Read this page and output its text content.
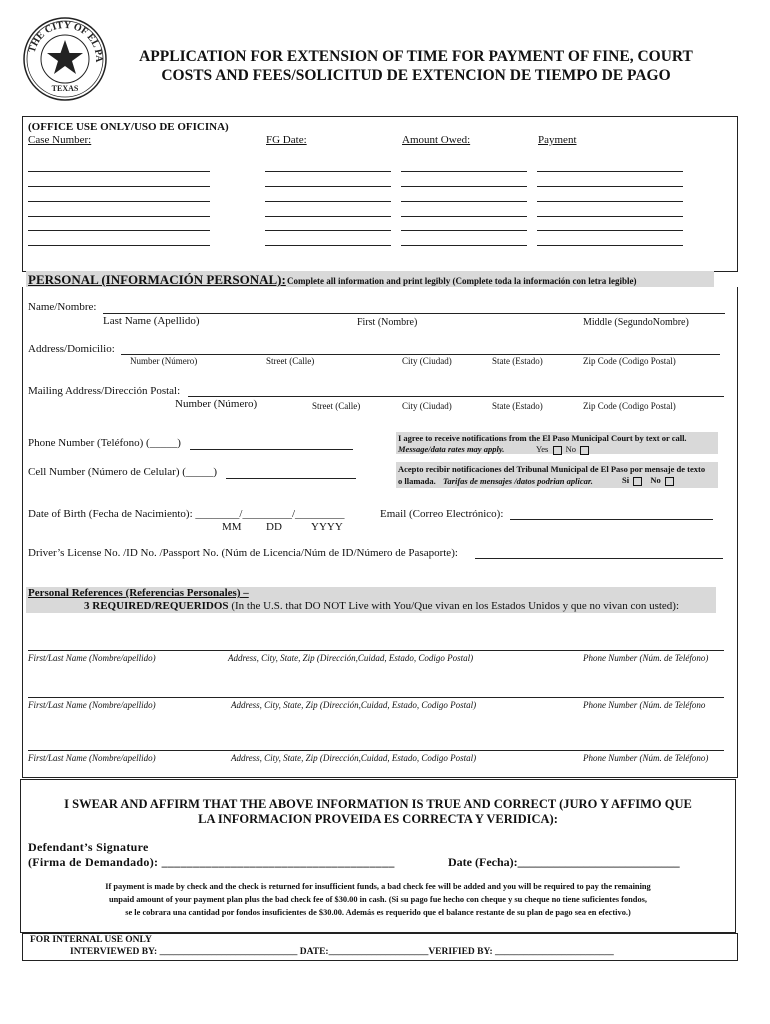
THE CITY OF EL PA
TEXAS
APPLICATION FOR EXTENSION OF TIME FOR PAYMENT OF FINE, COURT
COSTS AND FEES/SOLICITUD DE EXTENCION DE TIEMPO DE PAGO
(OFFICE USE ONLY/USO DE OFICINA)
Case Number:	FG Date:	Amount Owed:	Payment
PERSONAL (INFORMACIÓN PERSONAL): Complete all information and print legibly (Complete toda la información con letra legible)
Name/Nombre:
Last Name (Apellido)	First (Nombre)	Middle (SegundoNombre)
Address/Domicilio:
Number (Número)	Street (Calle)	City (Ciudad)	State (Estado)	Zip Code (Codigo Postal)
Mailing Address/Dirección Postal:
Number (Número)	Street (Calle)	City (Ciudad)	State (Estado)	Zip Code (Codigo Postal)
Phone Number (Teléfono) (_____)	I agree to receive notifications from the El Paso Municipal Court by text or call.
Message/data rates may apply.	Yes No
Cell Number (Número de Celular) (_____)	Acepto recibir notificaciones del Tribunal Municipal de El Paso por mensaje de texto
o llamada. Tarifas de mensajes /datos podrian aplicar.	Si	No
Date of Birth (Fecha de Nacimiento): ________/_________/_________
MM DD	YYYY
Email (Correo Electrónico):
Driver’s License No. /ID No. /Passport No. (Núm de Licencia/Núm de ID/Número de Pasaporte):
Personal References (Referencias Personales) –
3 REQUIRED/REQUERIDOS (In the U.S. that DO NOT Live with You/Que vivan en los Estados Unidos y que no vivan con usted):
First/Last Name (Nombre/apellido)	Address, City, State, Zip (Dirección,Cuidad, Estado, Codigo Postal)	Phone Number (Núm. de Teléfono)
First/Last Name (Nombre/apellido)	Address, City, State, Zip (Dirección,Cuidad, Estado, Codigo Postal)	Phone Number (Núm. de Teléfono
First/Last Name (Nombre/apellido)	Address, City, State, Zip (Dirección,Cuidad, Estado, Codigo Postal)	Phone Number (Núm. de Teléfono)
I SWEAR AND AFFIRM THAT THE ABOVE INFORMATION IS TRUE AND CORRECT (JURO Y AFFIMO QUE
LA INFORMACION PROVEIDA ES CORRECTA Y VERIDICA):
Defendant’s Signature
(Firma de Demandado): _____________________________________	Date (Fecha):___________________________
If payment is made by check and the check is returned for insufficient funds, a bad check fee will be added and you will be required to pay the remaining
unpaid amount of your payment plan plus the bad check fee of $30.00 in cash. (Si su pago fue hecho con cheque y su cheque no tiene suficientes fondos,
se le cobrara una cantidad por fondos insuficientes de $30.00. Además es requerido que el balance restante de su plan de pago sea en efectivo.)
FOR INTERNAL USE ONLY
INTERVIEWED BY: _____________________________ DATE:_____________________VERIFIED BY: _________________________
